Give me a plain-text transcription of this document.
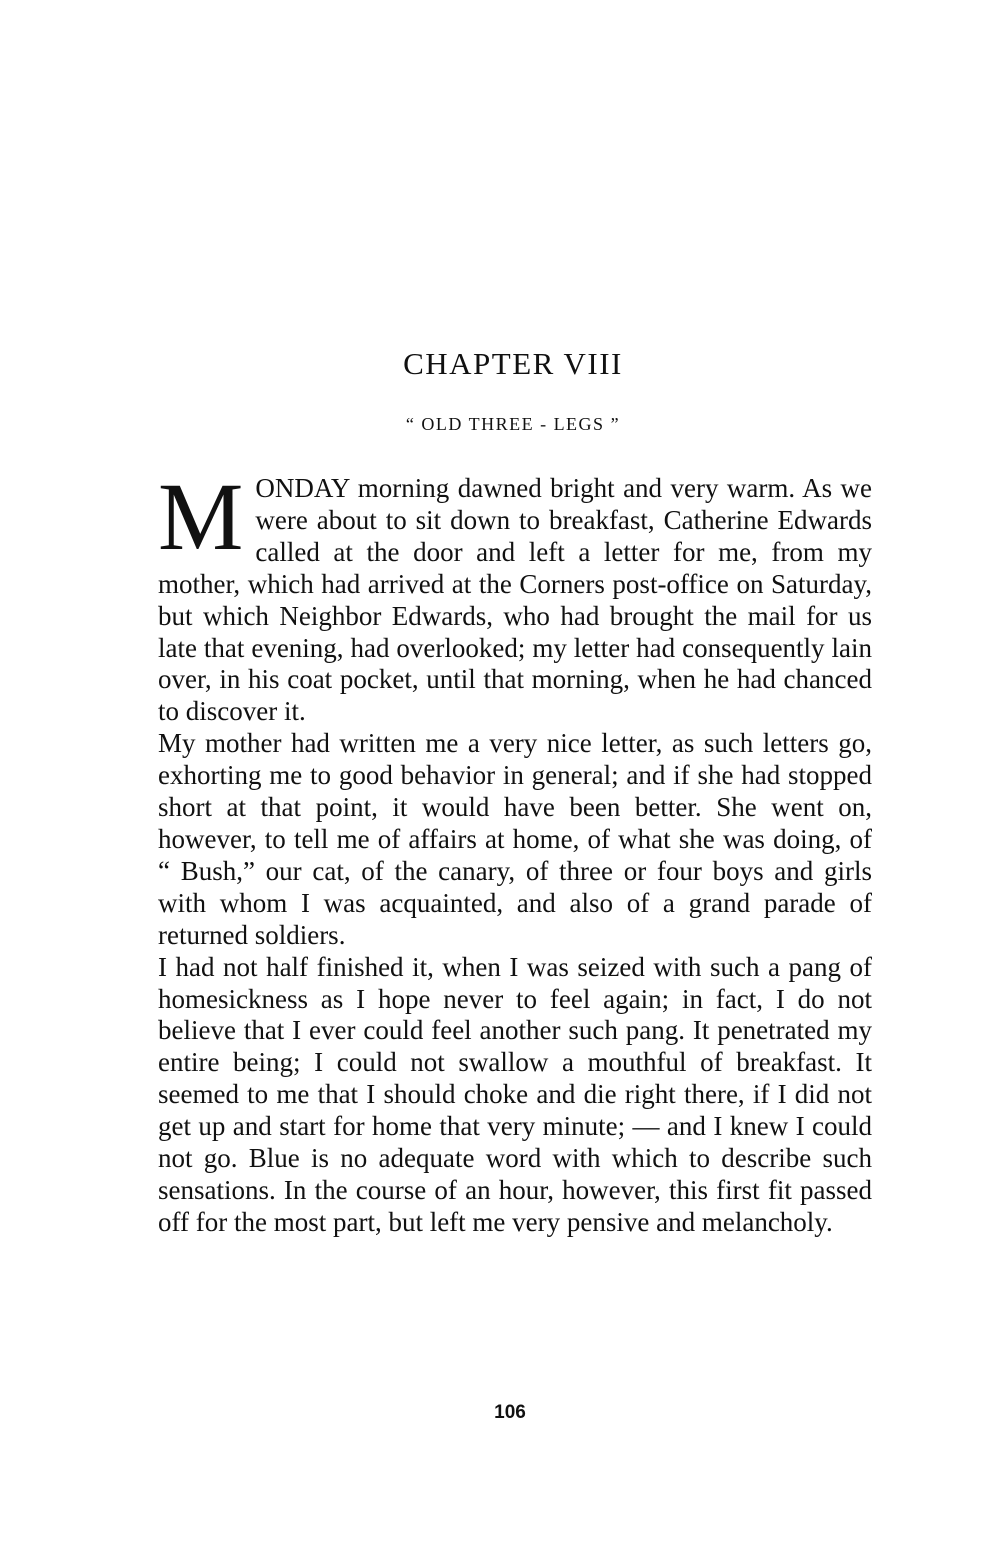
CHAPTER VIII
“ OLD THREE - LEGS ”

MONDAY morning dawned bright and very warm. As we were about to sit down to breakfast, Catherine Edwards called at the door and left a letter for me, from my mother, which had arrived at the Corners post-office on Saturday, but which Neighbor Edwards, who had brought the mail for us late that evening, had overlooked; my letter had consequently lain over, in his coat pocket, until that morning, when he had chanced to discover it.

My mother had written me a very nice letter, as such letters go, exhorting me to good behavior in general; and if she had stopped short at that point, it would have been better. She went on, however, to tell me of affairs at home, of what she was doing, of “ Bush,” our cat, of the canary, of three or four boys and girls with whom I was acquainted, and also of a grand parade of returned soldiers.

I had not half finished it, when I was seized with such a pang of homesickness as I hope never to feel again; in fact, I do not believe that I ever could feel another such pang. It penetrated my entire being; I could not swallow a mouthful of breakfast. It seemed to me that I should choke and die right there, if I did not get up and start for home that very minute; — and I knew I could not go. Blue is no adequate word with which to describe such sensations. In the course of an hour, however, this first fit passed off for the most part, but left me very pensive and melancholy.

106
